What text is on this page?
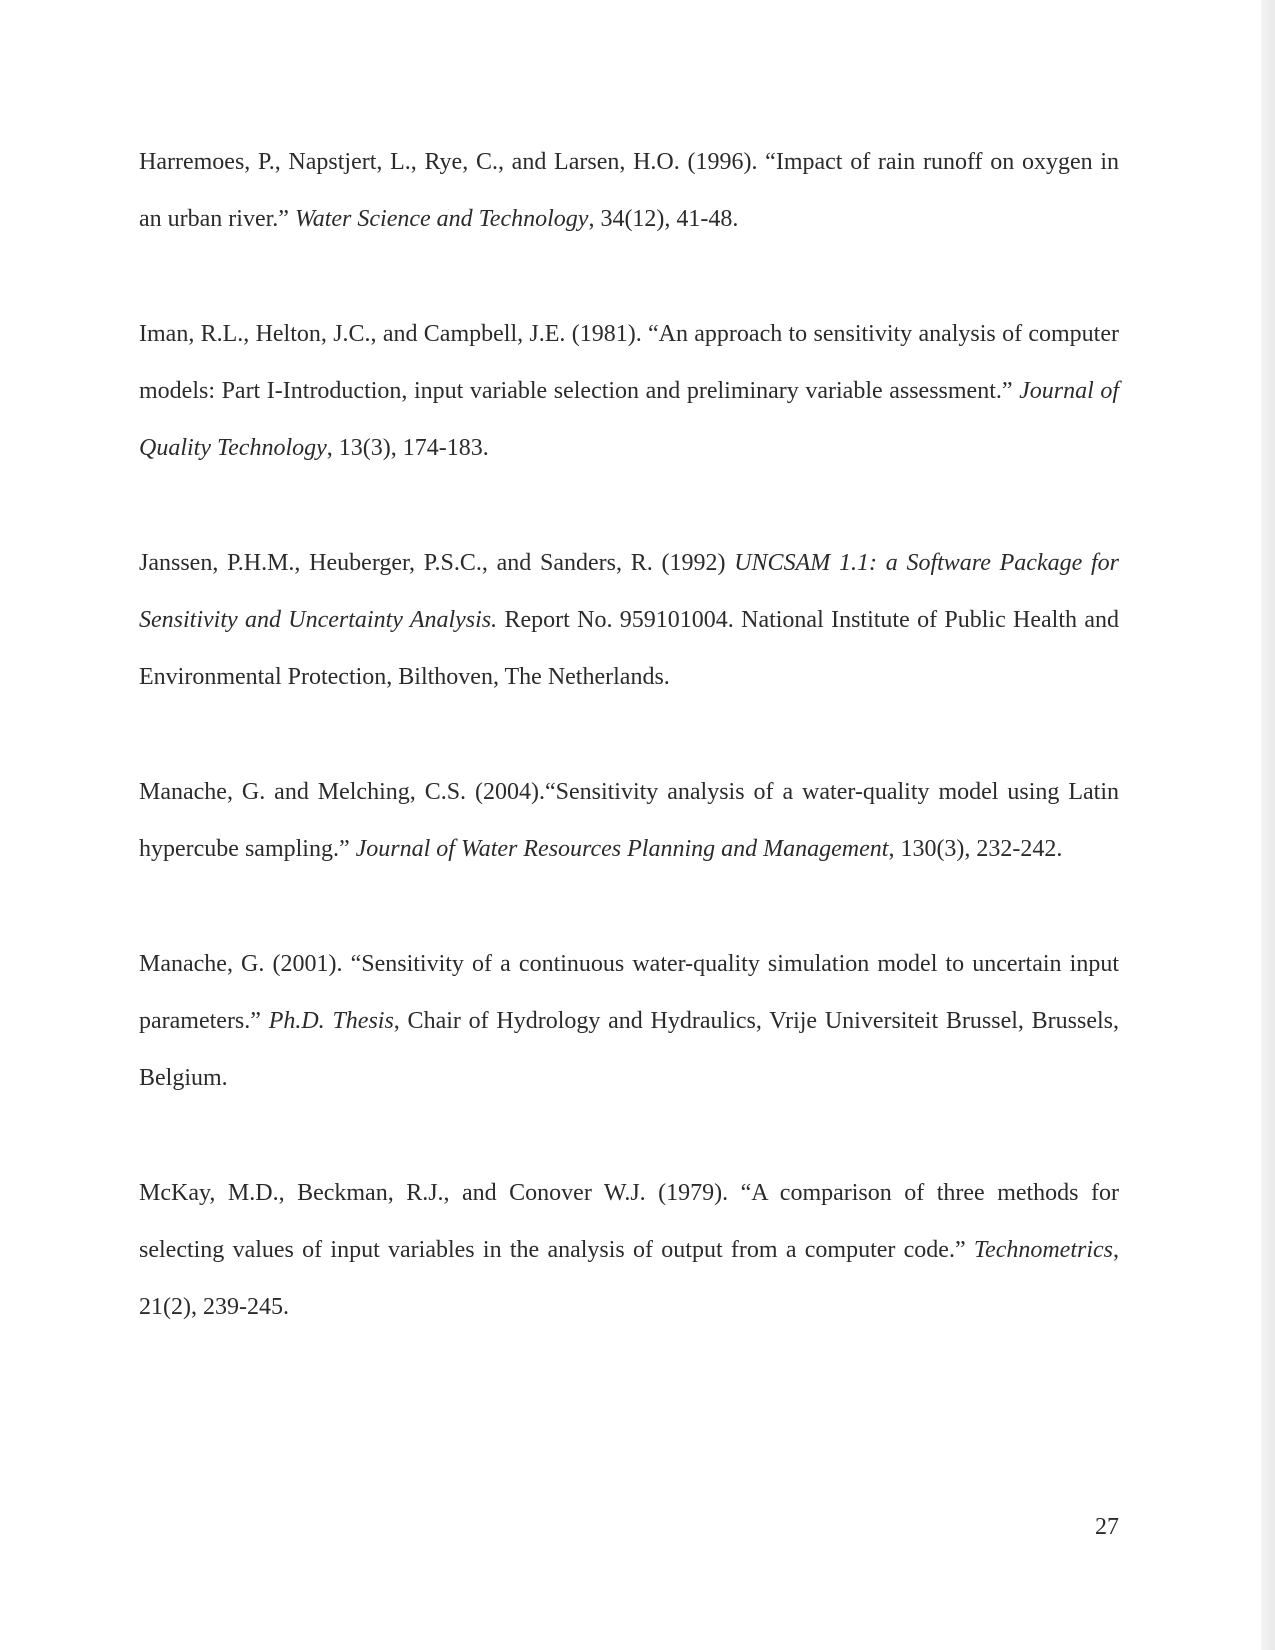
Harremoes, P., Napstjert, L., Rye, C., and Larsen, H.O. (1996). “Impact of rain runoff on oxygen in an urban river.” Water Science and Technology, 34(12), 41-48.

Iman, R.L., Helton, J.C., and Campbell, J.E. (1981). “An approach to sensitivity analysis of computer models: Part I-Introduction, input variable selection and preliminary variable assessment.” Journal of Quality Technology, 13(3), 174-183.

Janssen, P.H.M., Heuberger, P.S.C., and Sanders, R. (1992) UNCSAM 1.1: a Software Package for Sensitivity and Uncertainty Analysis. Report No. 959101004. National Institute of Public Health and Environmental Protection, Bilthoven, The Netherlands.

Manache, G. and Melching, C.S. (2004).“Sensitivity analysis of a water-quality model using Latin hypercube sampling.” Journal of Water Resources Planning and Management, 130(3), 232-242.

Manache, G. (2001). “Sensitivity of a continuous water-quality simulation model to uncertain input parameters.” Ph.D. Thesis, Chair of Hydrology and Hydraulics, Vrije Universiteit Brussel, Brussels, Belgium.

McKay, M.D., Beckman, R.J., and Conover W.J. (1979). “A comparison of three methods for selecting values of input variables in the analysis of output from a computer code.” Technometrics, 21(2), 239-245.

27
